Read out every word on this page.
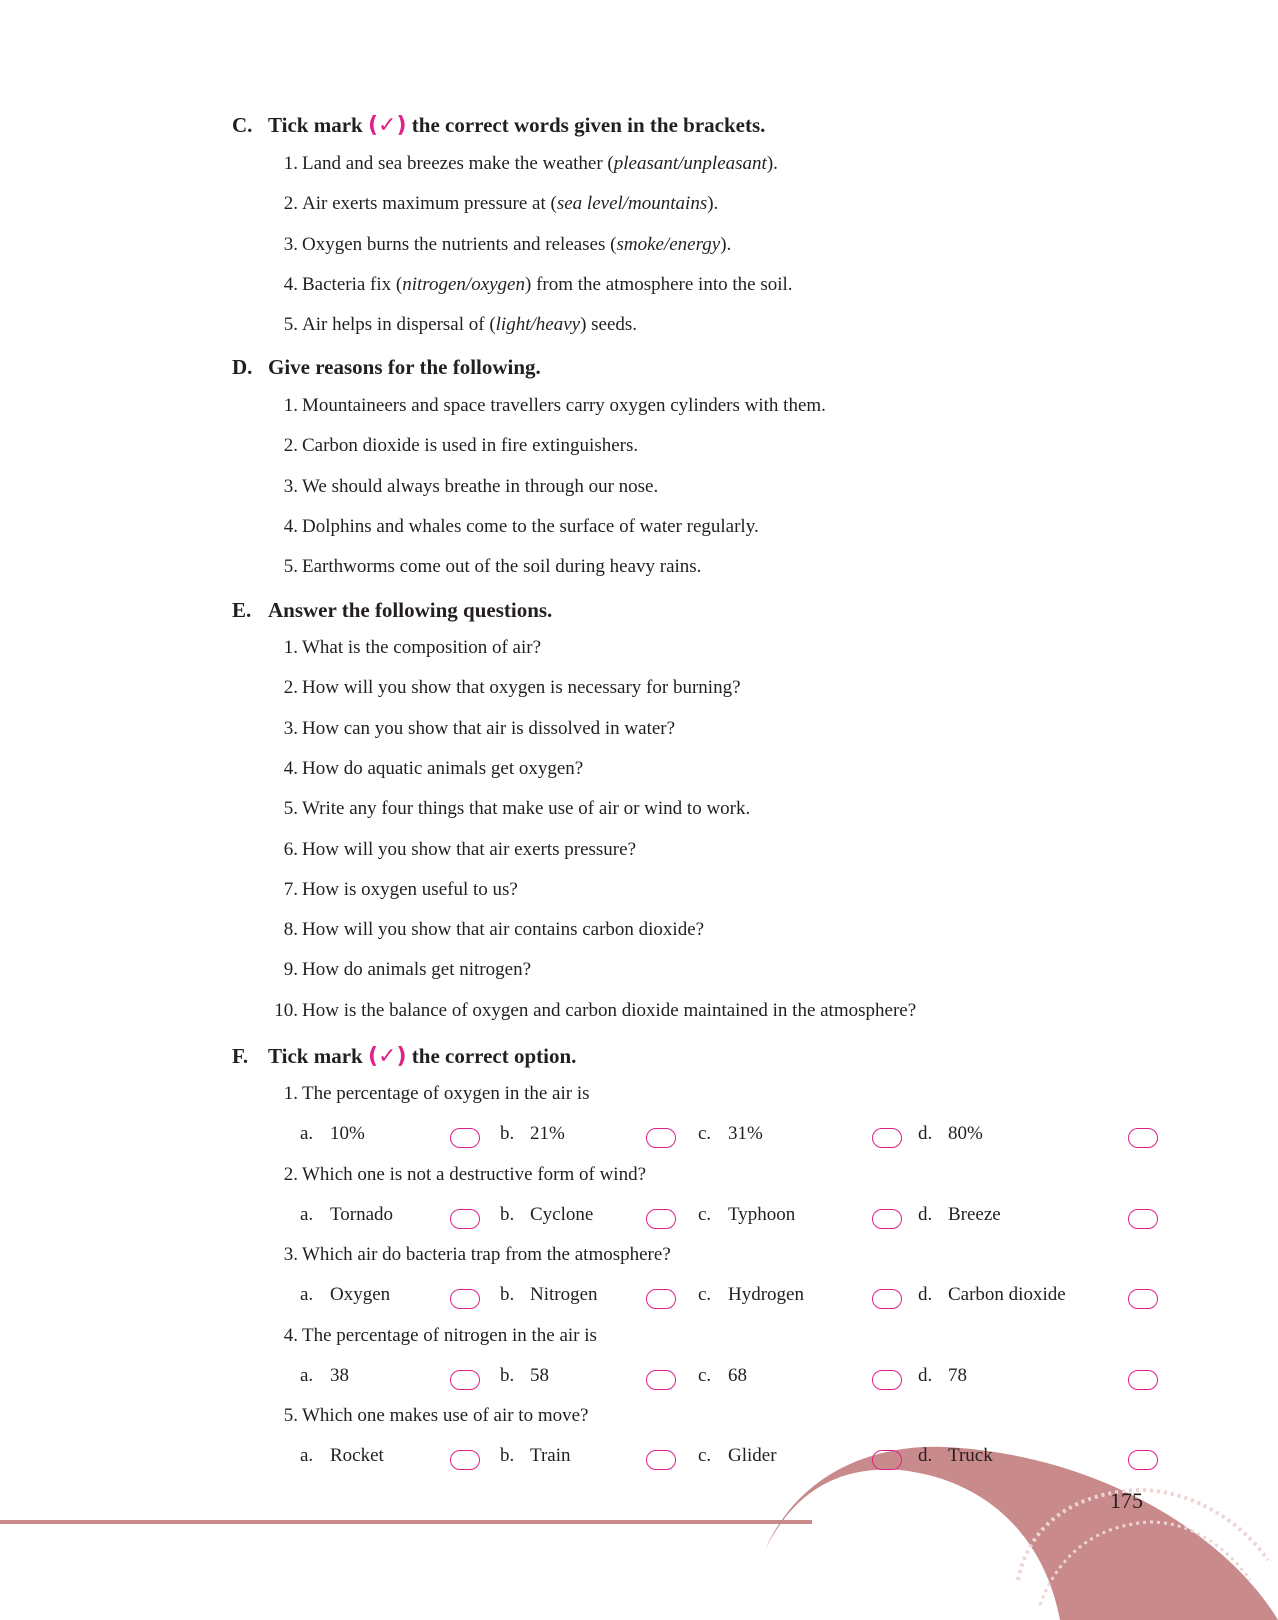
C. Tick mark (✓) the correct words given in the brackets.
1. Land and sea breezes make the weather (pleasant/unpleasant).
2. Air exerts maximum pressure at (sea level/mountains).
3. Oxygen burns the nutrients and releases (smoke/energy).
4. Bacteria fix (nitrogen/oxygen) from the atmosphere into the soil.
5. Air helps in dispersal of (light/heavy) seeds.
D. Give reasons for the following.
1. Mountaineers and space travellers carry oxygen cylinders with them.
2. Carbon dioxide is used in fire extinguishers.
3. We should always breathe in through our nose.
4. Dolphins and whales come to the surface of water regularly.
5. Earthworms come out of the soil during heavy rains.
E. Answer the following questions.
1. What is the composition of air?
2. How will you show that oxygen is necessary for burning?
3. How can you show that air is dissolved in water?
4. How do aquatic animals get oxygen?
5. Write any four things that make use of air or wind to work.
6. How will you show that air exerts pressure?
7. How is oxygen useful to us?
8. How will you show that air contains carbon dioxide?
9. How do animals get nitrogen?
10. How is the balance of oxygen and carbon dioxide maintained in the atmosphere?
F. Tick mark (✓) the correct option.
1. The percentage of oxygen in the air is
a. 10%	b. 21%	c. 31%	d. 80%
2. Which one is not a destructive form of wind?
a. Tornado	b. Cyclone	c. Typhoon	d. Breeze
3. Which air do bacteria trap from the atmosphere?
a. Oxygen	b. Nitrogen	c. Hydrogen	d. Carbon dioxide
4. The percentage of nitrogen in the air is
a. 38	b. 58	c. 68	d. 78
5. Which one makes use of air to move?
a. Rocket	b. Train	c. Glider	d. Truck
175
